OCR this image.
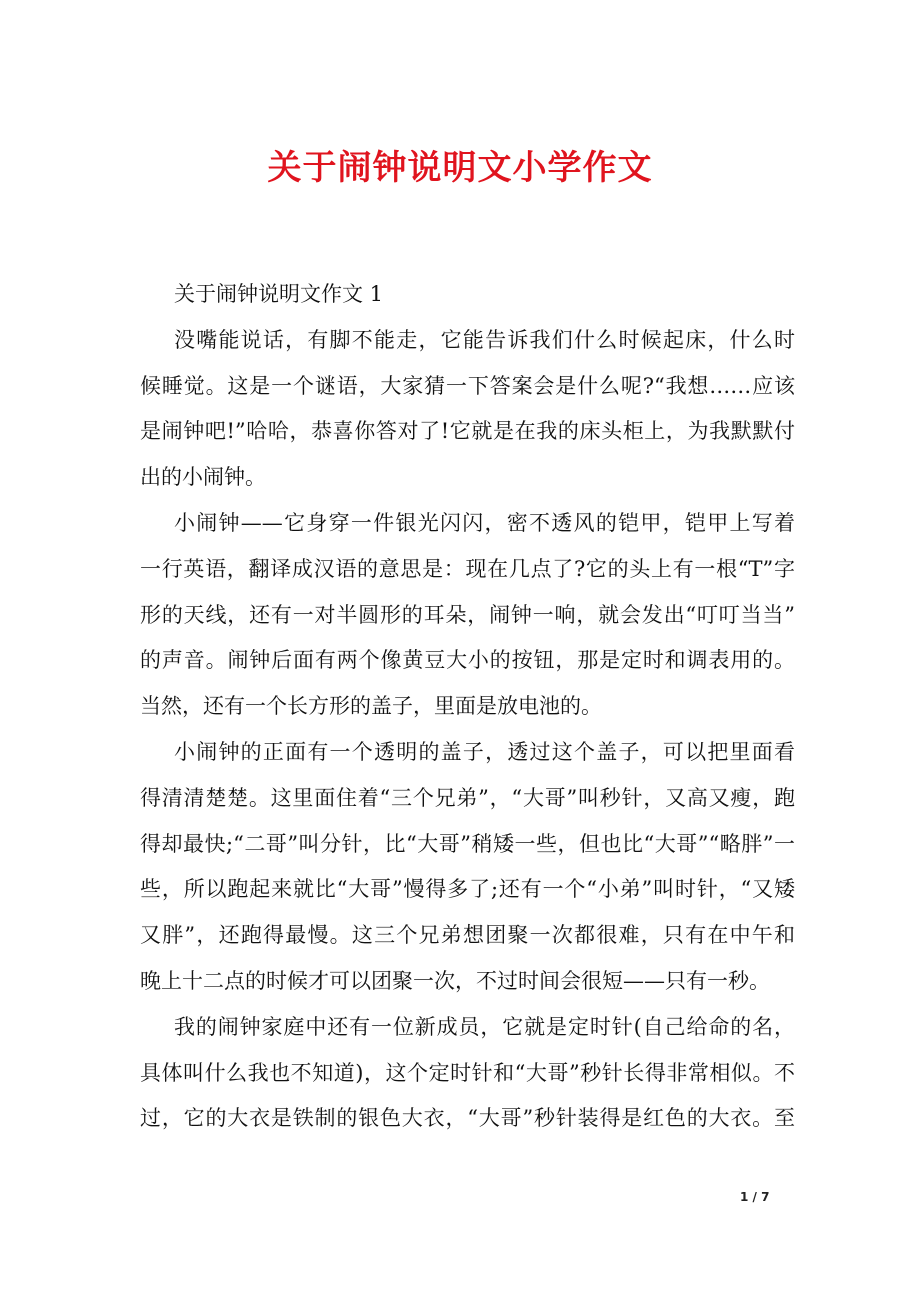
关于闹钟说明文小学作文

关于闹钟说明文作文 1

没嘴能说话，有脚不能走，它能告诉我们什么时候起床，什么时
候睡觉。这是一个谜语，大家猜一下答案会是什么呢?“我想……应该
是闹钟吧!”哈哈，恭喜你答对了!它就是在我的床头柜上，为我默默付
出的小闹钟。
小闹钟——它身穿一件银光闪闪，密不透风的铠甲，铠甲上写着
一行英语，翻译成汉语的意思是：现在几点了?它的头上有一根“T”字
形的天线，还有一对半圆形的耳朵，闹钟一响，就会发出“叮叮当当”
的声音。闹钟后面有两个像黄豆大小的按钮，那是定时和调表用的。
当然，还有一个长方形的盖子，里面是放电池的。
小闹钟的正面有一个透明的盖子，透过这个盖子，可以把里面看
得清清楚楚。这里面住着“三个兄弟”，“大哥”叫秒针，又高又瘦，跑
得却最快;“二哥”叫分针，比“大哥”稍矮一些，但也比“大哥”“略胖”一
些，所以跑起来就比“大哥”慢得多了;还有一个“小弟”叫时针，“又矮
又胖”，还跑得最慢。这三个兄弟想团聚一次都很难，只有在中午和
晚上十二点的时候才可以团聚一次，不过时间会很短——只有一秒。
我的闹钟家庭中还有一位新成员，它就是定时针(自己给命的名，
具体叫什么我也不知道)，这个定时针和“大哥”秒针长得非常相似。不
过，它的大衣是铁制的银色大衣，“大哥”秒针装得是红色的大衣。至
1 / 7
